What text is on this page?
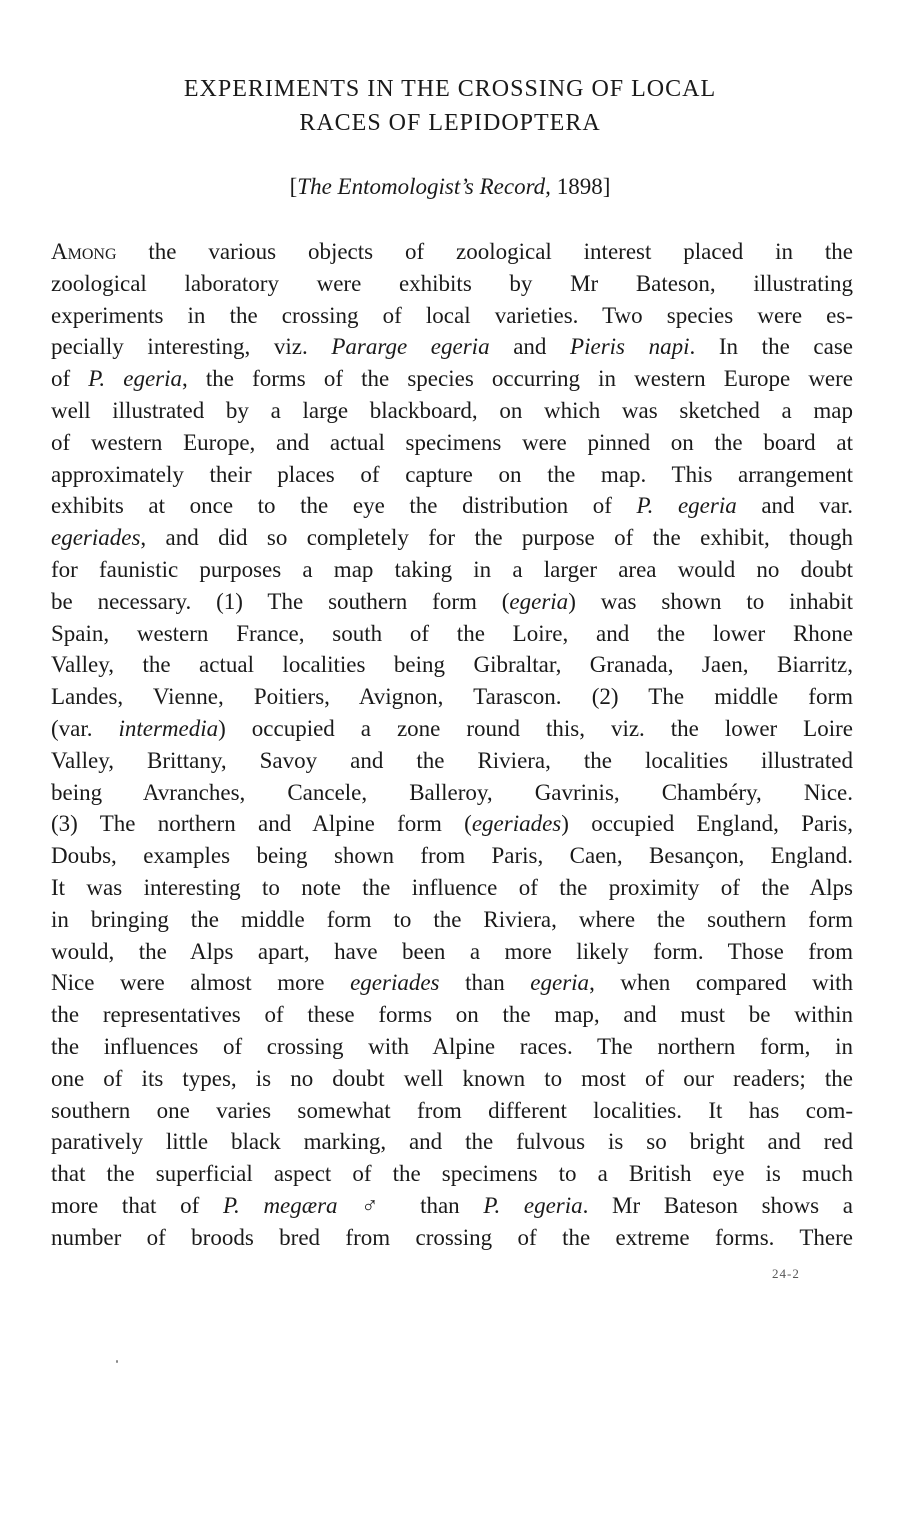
EXPERIMENTS IN THE CROSSING OF LOCAL
RACES OF LEPIDOPTERA
[The Entomologist’s Record, 1898]
Among the various objects of zoological interest placed in the
zoological laboratory were exhibits by Mr Bateson, illustrating
experiments in the crossing of local varieties. Two species were es-
pecially interesting, viz. Pararge egeria and Pieris napi. In the case
of P. egeria, the forms of the species occurring in western Europe were
well illustrated by a large blackboard, on which was sketched a map
of western Europe, and actual specimens were pinned on the board at
approximately their places of capture on the map. This arrangement
exhibits at once to the eye the distribution of P. egeria and var.
egeriades, and did so completely for the purpose of the exhibit, though
for faunistic purposes a map taking in a larger area would no doubt
be necessary. (1) The southern form (egeria) was shown to inhabit
Spain, western France, south of the Loire, and the lower Rhone
Valley, the actual localities being Gibraltar, Granada, Jaen, Biarritz,
Landes, Vienne, Poitiers, Avignon, Tarascon. (2) The middle form
(var. intermedia) occupied a zone round this, viz. the lower Loire
Valley, Brittany, Savoy and the Riviera, the localities illustrated
being Avranches, Cancele, Balleroy, Gavrinis, Chambéry, Nice.
(3) The northern and Alpine form (egeriades) occupied England, Paris,
Doubs, examples being shown from Paris, Caen, Besançon, England.
It was interesting to note the influence of the proximity of the Alps
in bringing the middle form to the Riviera, where the southern form
would, the Alps apart, have been a more likely form. Those from
Nice were almost more egeriades than egeria, when compared with
the representatives of these forms on the map, and must be within
the influences of crossing with Alpine races. The northern form, in
one of its types, is no doubt well known to most of our readers; the
southern one varies somewhat from different localities. It has com-
paratively little black marking, and the fulvous is so bright and red
that the superficial aspect of the specimens to a British eye is much
more that of P. megæra ♂ than P. egeria. Mr Bateson shows a
number of broods bred from crossing of the extreme forms. There
24-2
